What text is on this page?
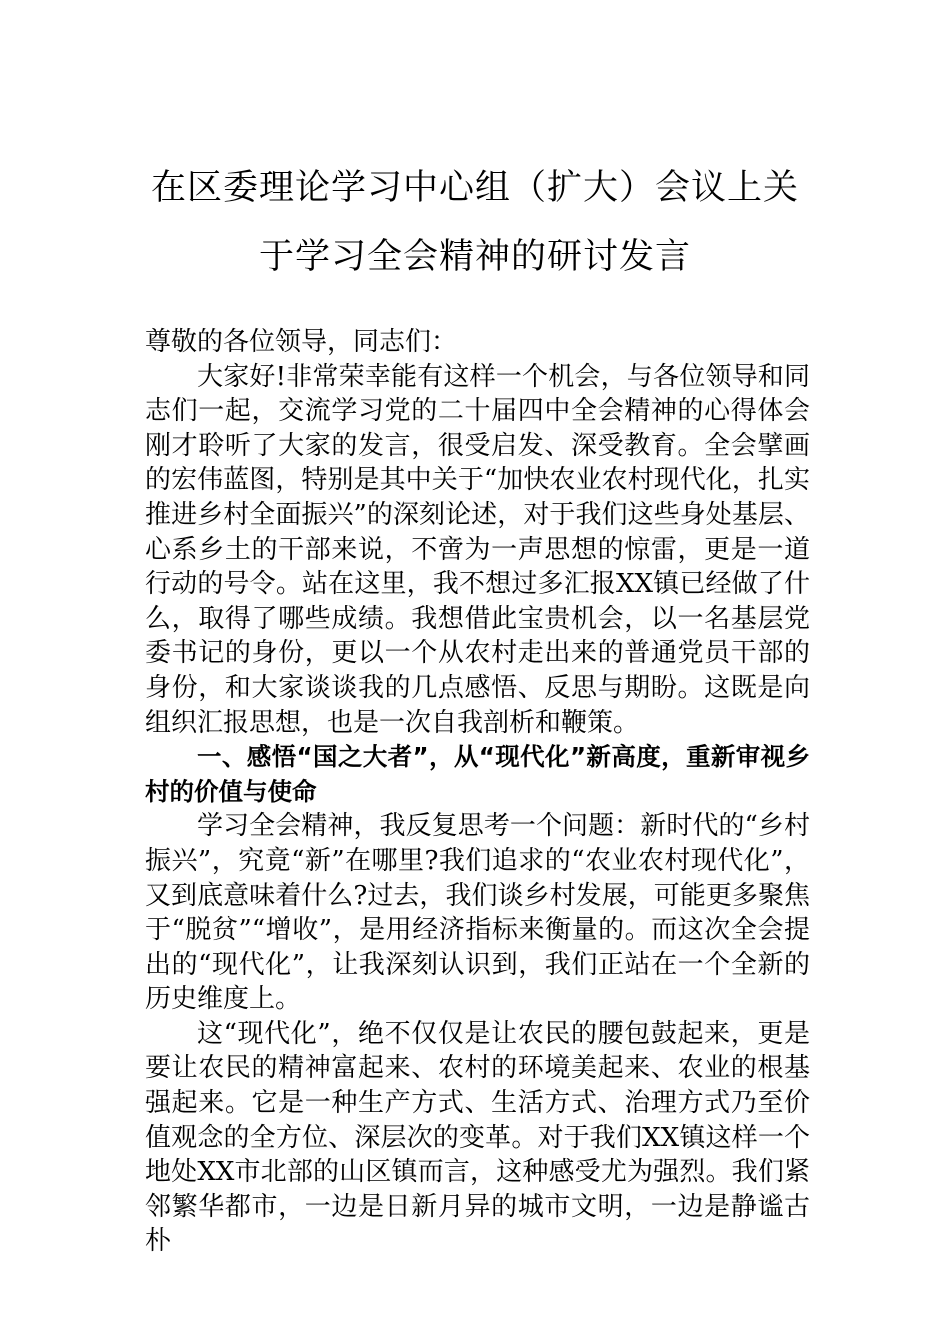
在区委理论学习中心组（扩大）会议上关
于学习全会精神的研讨发言

尊敬的各位领导，同志们：

大家好!非常荣幸能有这样一个机会，与各位领导和同志们一起，交流学习党的二十届四中全会精神的心得体会刚才聆听了大家的发言，很受启发、深受教育。全会擘画的宏伟蓝图，特别是其中关于“加快农业农村现代化，扎实推进乡村全面振兴”的深刻论述，对于我们这些身处基层、心系乡土的干部来说，不啻为一声思想的惊雷，更是一道行动的号令。站在这里，我不想过多汇报XX镇已经做了什么，取得了哪些成绩。我想借此宝贵机会，以一名基层党委书记的身份，更以一个从农村走出来的普通党员干部的身份，和大家谈谈我的几点感悟、反思与期盼。这既是向组织汇报思想，也是一次自我剖析和鞭策。

一、感悟“国之大者”，从“现代化”新高度，重新审视乡村的价值与使命

学习全会精神，我反复思考一个问题：新时代的“乡村振兴”，究竟“新”在哪里?我们追求的“农业农村现代化”，又到底意味着什么?过去，我们谈乡村发展，可能更多聚焦于“脱贫”“增收”，是用经济指标来衡量的。而这次全会提出的“现代化”，让我深刻认识到，我们正站在一个全新的历史维度上。

这“现代化”，绝不仅仅是让农民的腰包鼓起来，更是要让农民的精神富起来、农村的环境美起来、农业的根基强起来。它是一种生产方式、生活方式、治理方式乃至价值观念的全方位、深层次的变革。对于我们XX镇这样一个地处XX市北部的山区镇而言，这种感受尤为强烈。我们紧邻繁华都市，一边是日新月异的城市文明，一边是静谧古朴
